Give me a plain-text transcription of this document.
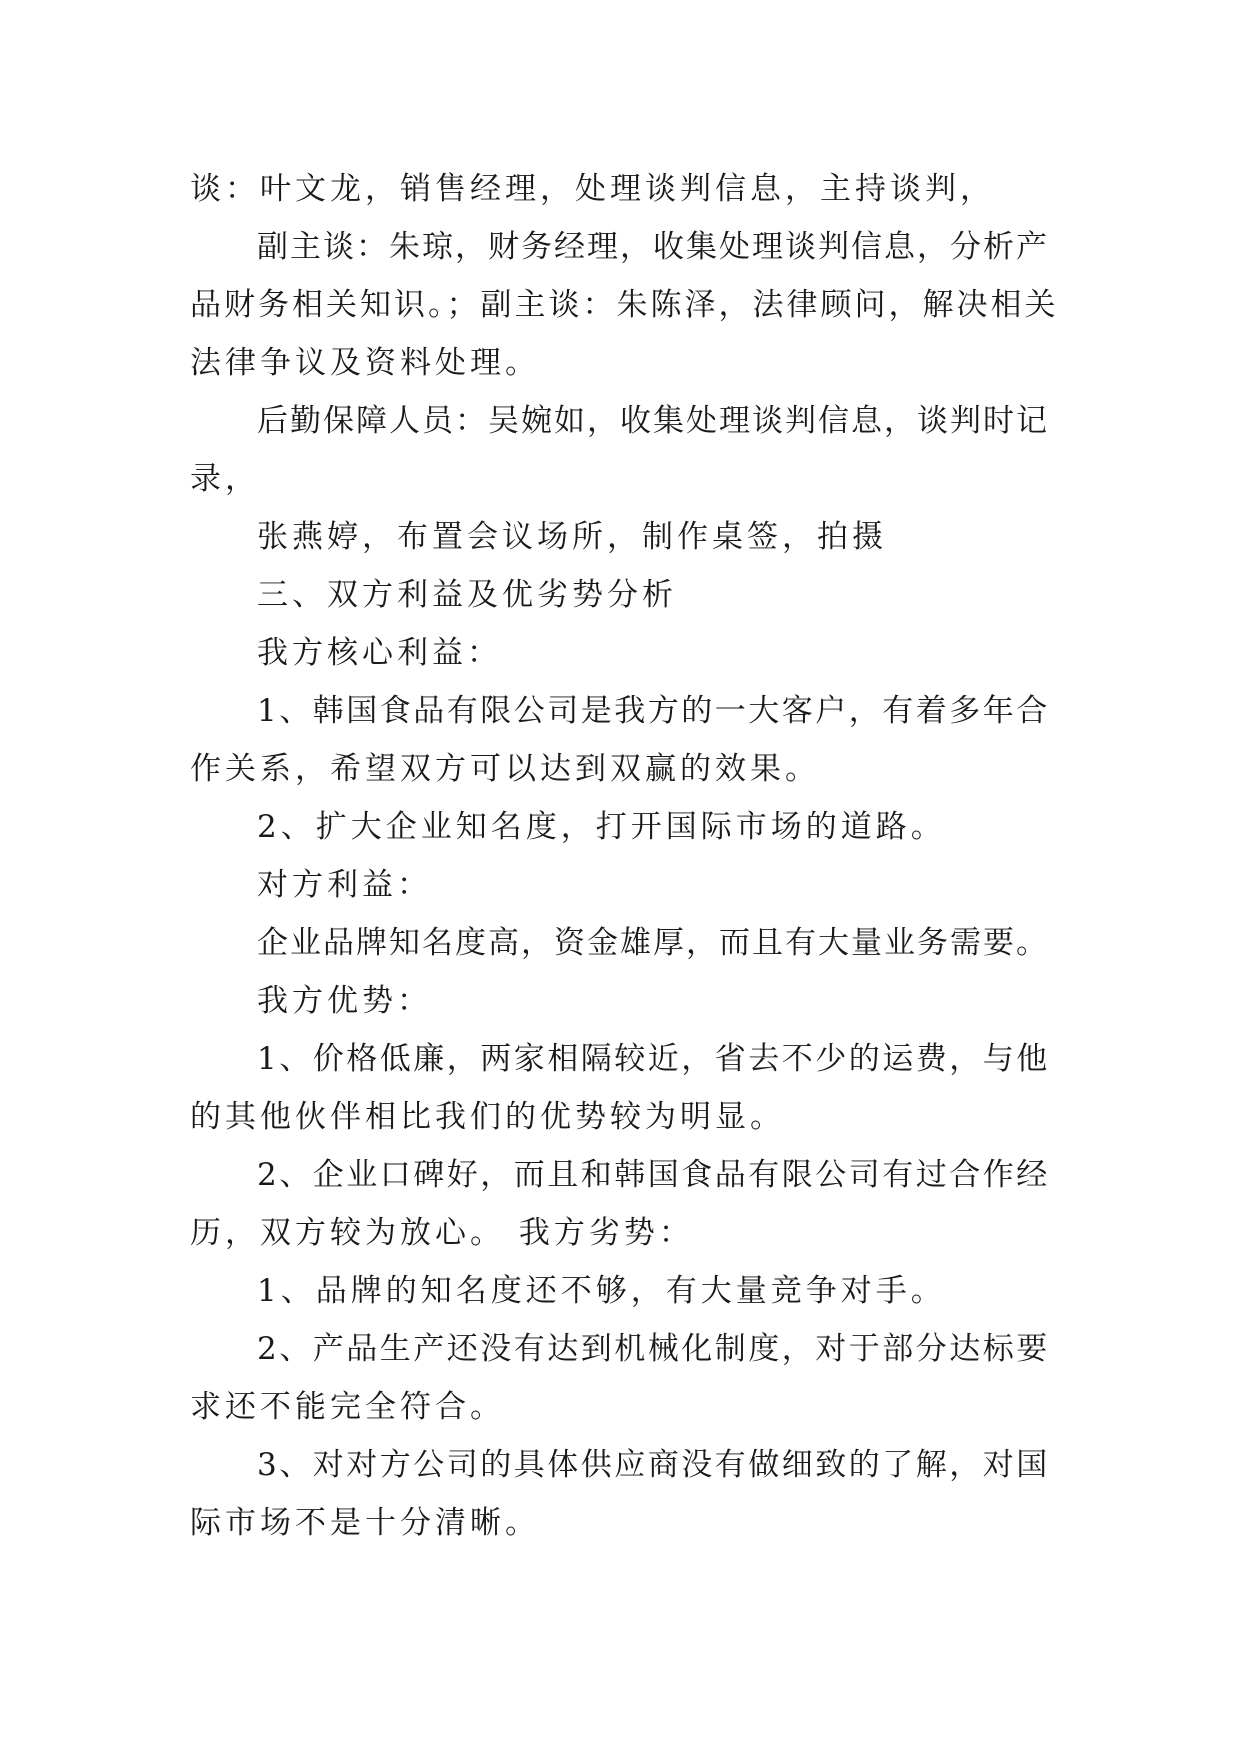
谈：叶文龙，销售经理，处理谈判信息，主持谈判，
副主谈：朱琼，财务经理，收集处理谈判信息，分析产
品财务相关知识。；副主谈：朱陈泽，法律顾问，解决相关
法律争议及资料处理。
后勤保障人员：吴婉如，收集处理谈判信息，谈判时记
录，
张燕婷，布置会议场所，制作桌签，拍摄
三、双方利益及优劣势分析
我方核心利益：
1、韩国食品有限公司是我方的一大客户，有着多年合
作关系，希望双方可以达到双赢的效果。
2、扩大企业知名度，打开国际市场的道路。
对方利益：
企业品牌知名度高，资金雄厚，而且有大量业务需要。
我方优势：
1、价格低廉，两家相隔较近，省去不少的运费，与他
的其他伙伴相比我们的优势较为明显。
2、企业口碑好，而且和韩国食品有限公司有过合作经
历，双方较为放心。 我方劣势：
1、品牌的知名度还不够，有大量竞争对手。
2、产品生产还没有达到机械化制度，对于部分达标要
求还不能完全符合。
3、对对方公司的具体供应商没有做细致的了解，对国
际市场不是十分清晰。
